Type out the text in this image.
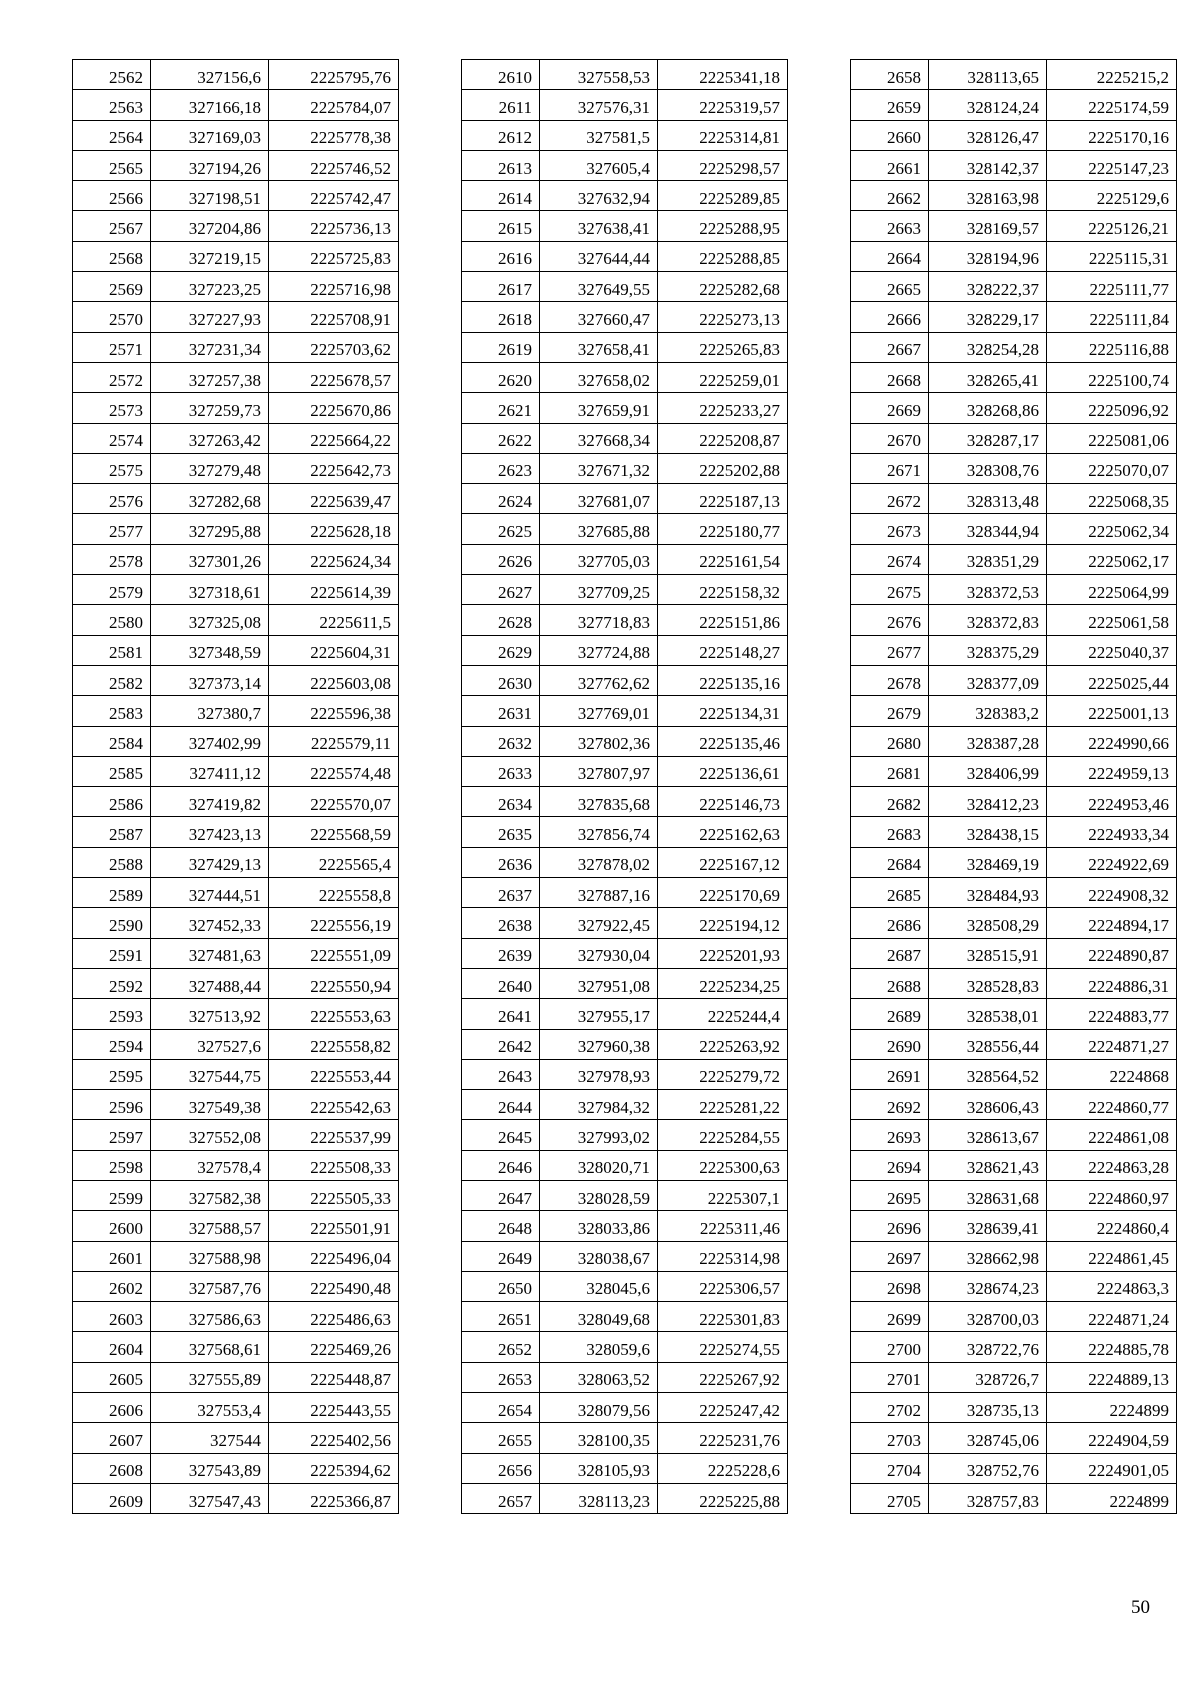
2562	327156,6	2225795,76
2563	327166,18	2225784,07
2564	327169,03	2225778,38
2565	327194,26	2225746,52
2566	327198,51	2225742,47
2567	327204,86	2225736,13
2568	327219,15	2225725,83
2569	327223,25	2225716,98
2570	327227,93	2225708,91
2571	327231,34	2225703,62
2572	327257,38	2225678,57
2573	327259,73	2225670,86
2574	327263,42	2225664,22
2575	327279,48	2225642,73
2576	327282,68	2225639,47
2577	327295,88	2225628,18
2578	327301,26	2225624,34
2579	327318,61	2225614,39
2580	327325,08	2225611,5
2581	327348,59	2225604,31
2582	327373,14	2225603,08
2583	327380,7	2225596,38
2584	327402,99	2225579,11
2585	327411,12	2225574,48
2586	327419,82	2225570,07
2587	327423,13	2225568,59
2588	327429,13	2225565,4
2589	327444,51	2225558,8
2590	327452,33	2225556,19
2591	327481,63	2225551,09
2592	327488,44	2225550,94
2593	327513,92	2225553,63
2594	327527,6	2225558,82
2595	327544,75	2225553,44
2596	327549,38	2225542,63
2597	327552,08	2225537,99
2598	327578,4	2225508,33
2599	327582,38	2225505,33
2600	327588,57	2225501,91
2601	327588,98	2225496,04
2602	327587,76	2225490,48
2603	327586,63	2225486,63
2604	327568,61	2225469,26
2605	327555,89	2225448,87
2606	327553,4	2225443,55
2607	327544	2225402,56
2608	327543,89	2225394,62
2609	327547,43	2225366,87
2610	327558,53	2225341,18
2611	327576,31	2225319,57
2612	327581,5	2225314,81
2613	327605,4	2225298,57
2614	327632,94	2225289,85
2615	327638,41	2225288,95
2616	327644,44	2225288,85
2617	327649,55	2225282,68
2618	327660,47	2225273,13
2619	327658,41	2225265,83
2620	327658,02	2225259,01
2621	327659,91	2225233,27
2622	327668,34	2225208,87
2623	327671,32	2225202,88
2624	327681,07	2225187,13
2625	327685,88	2225180,77
2626	327705,03	2225161,54
2627	327709,25	2225158,32
2628	327718,83	2225151,86
2629	327724,88	2225148,27
2630	327762,62	2225135,16
2631	327769,01	2225134,31
2632	327802,36	2225135,46
2633	327807,97	2225136,61
2634	327835,68	2225146,73
2635	327856,74	2225162,63
2636	327878,02	2225167,12
2637	327887,16	2225170,69
2638	327922,45	2225194,12
2639	327930,04	2225201,93
2640	327951,08	2225234,25
2641	327955,17	2225244,4
2642	327960,38	2225263,92
2643	327978,93	2225279,72
2644	327984,32	2225281,22
2645	327993,02	2225284,55
2646	328020,71	2225300,63
2647	328028,59	2225307,1
2648	328033,86	2225311,46
2649	328038,67	2225314,98
2650	328045,6	2225306,57
2651	328049,68	2225301,83
2652	328059,6	2225274,55
2653	328063,52	2225267,92
2654	328079,56	2225247,42
2655	328100,35	2225231,76
2656	328105,93	2225228,6
2657	328113,23	2225225,88
2658	328113,65	2225215,2
2659	328124,24	2225174,59
2660	328126,47	2225170,16
2661	328142,37	2225147,23
2662	328163,98	2225129,6
2663	328169,57	2225126,21
2664	328194,96	2225115,31
2665	328222,37	2225111,77
2666	328229,17	2225111,84
2667	328254,28	2225116,88
2668	328265,41	2225100,74
2669	328268,86	2225096,92
2670	328287,17	2225081,06
2671	328308,76	2225070,07
2672	328313,48	2225068,35
2673	328344,94	2225062,34
2674	328351,29	2225062,17
2675	328372,53	2225064,99
2676	328372,83	2225061,58
2677	328375,29	2225040,37
2678	328377,09	2225025,44
2679	328383,2	2225001,13
2680	328387,28	2224990,66
2681	328406,99	2224959,13
2682	328412,23	2224953,46
2683	328438,15	2224933,34
2684	328469,19	2224922,69
2685	328484,93	2224908,32
2686	328508,29	2224894,17
2687	328515,91	2224890,87
2688	328528,83	2224886,31
2689	328538,01	2224883,77
2690	328556,44	2224871,27
2691	328564,52	2224868
2692	328606,43	2224860,77
2693	328613,67	2224861,08
2694	328621,43	2224863,28
2695	328631,68	2224860,97
2696	328639,41	2224860,4
2697	328662,98	2224861,45
2698	328674,23	2224863,3
2699	328700,03	2224871,24
2700	328722,76	2224885,78
2701	328726,7	2224889,13
2702	328735,13	2224899
2703	328745,06	2224904,59
2704	328752,76	2224901,05
2705	328757,83	2224899
50
